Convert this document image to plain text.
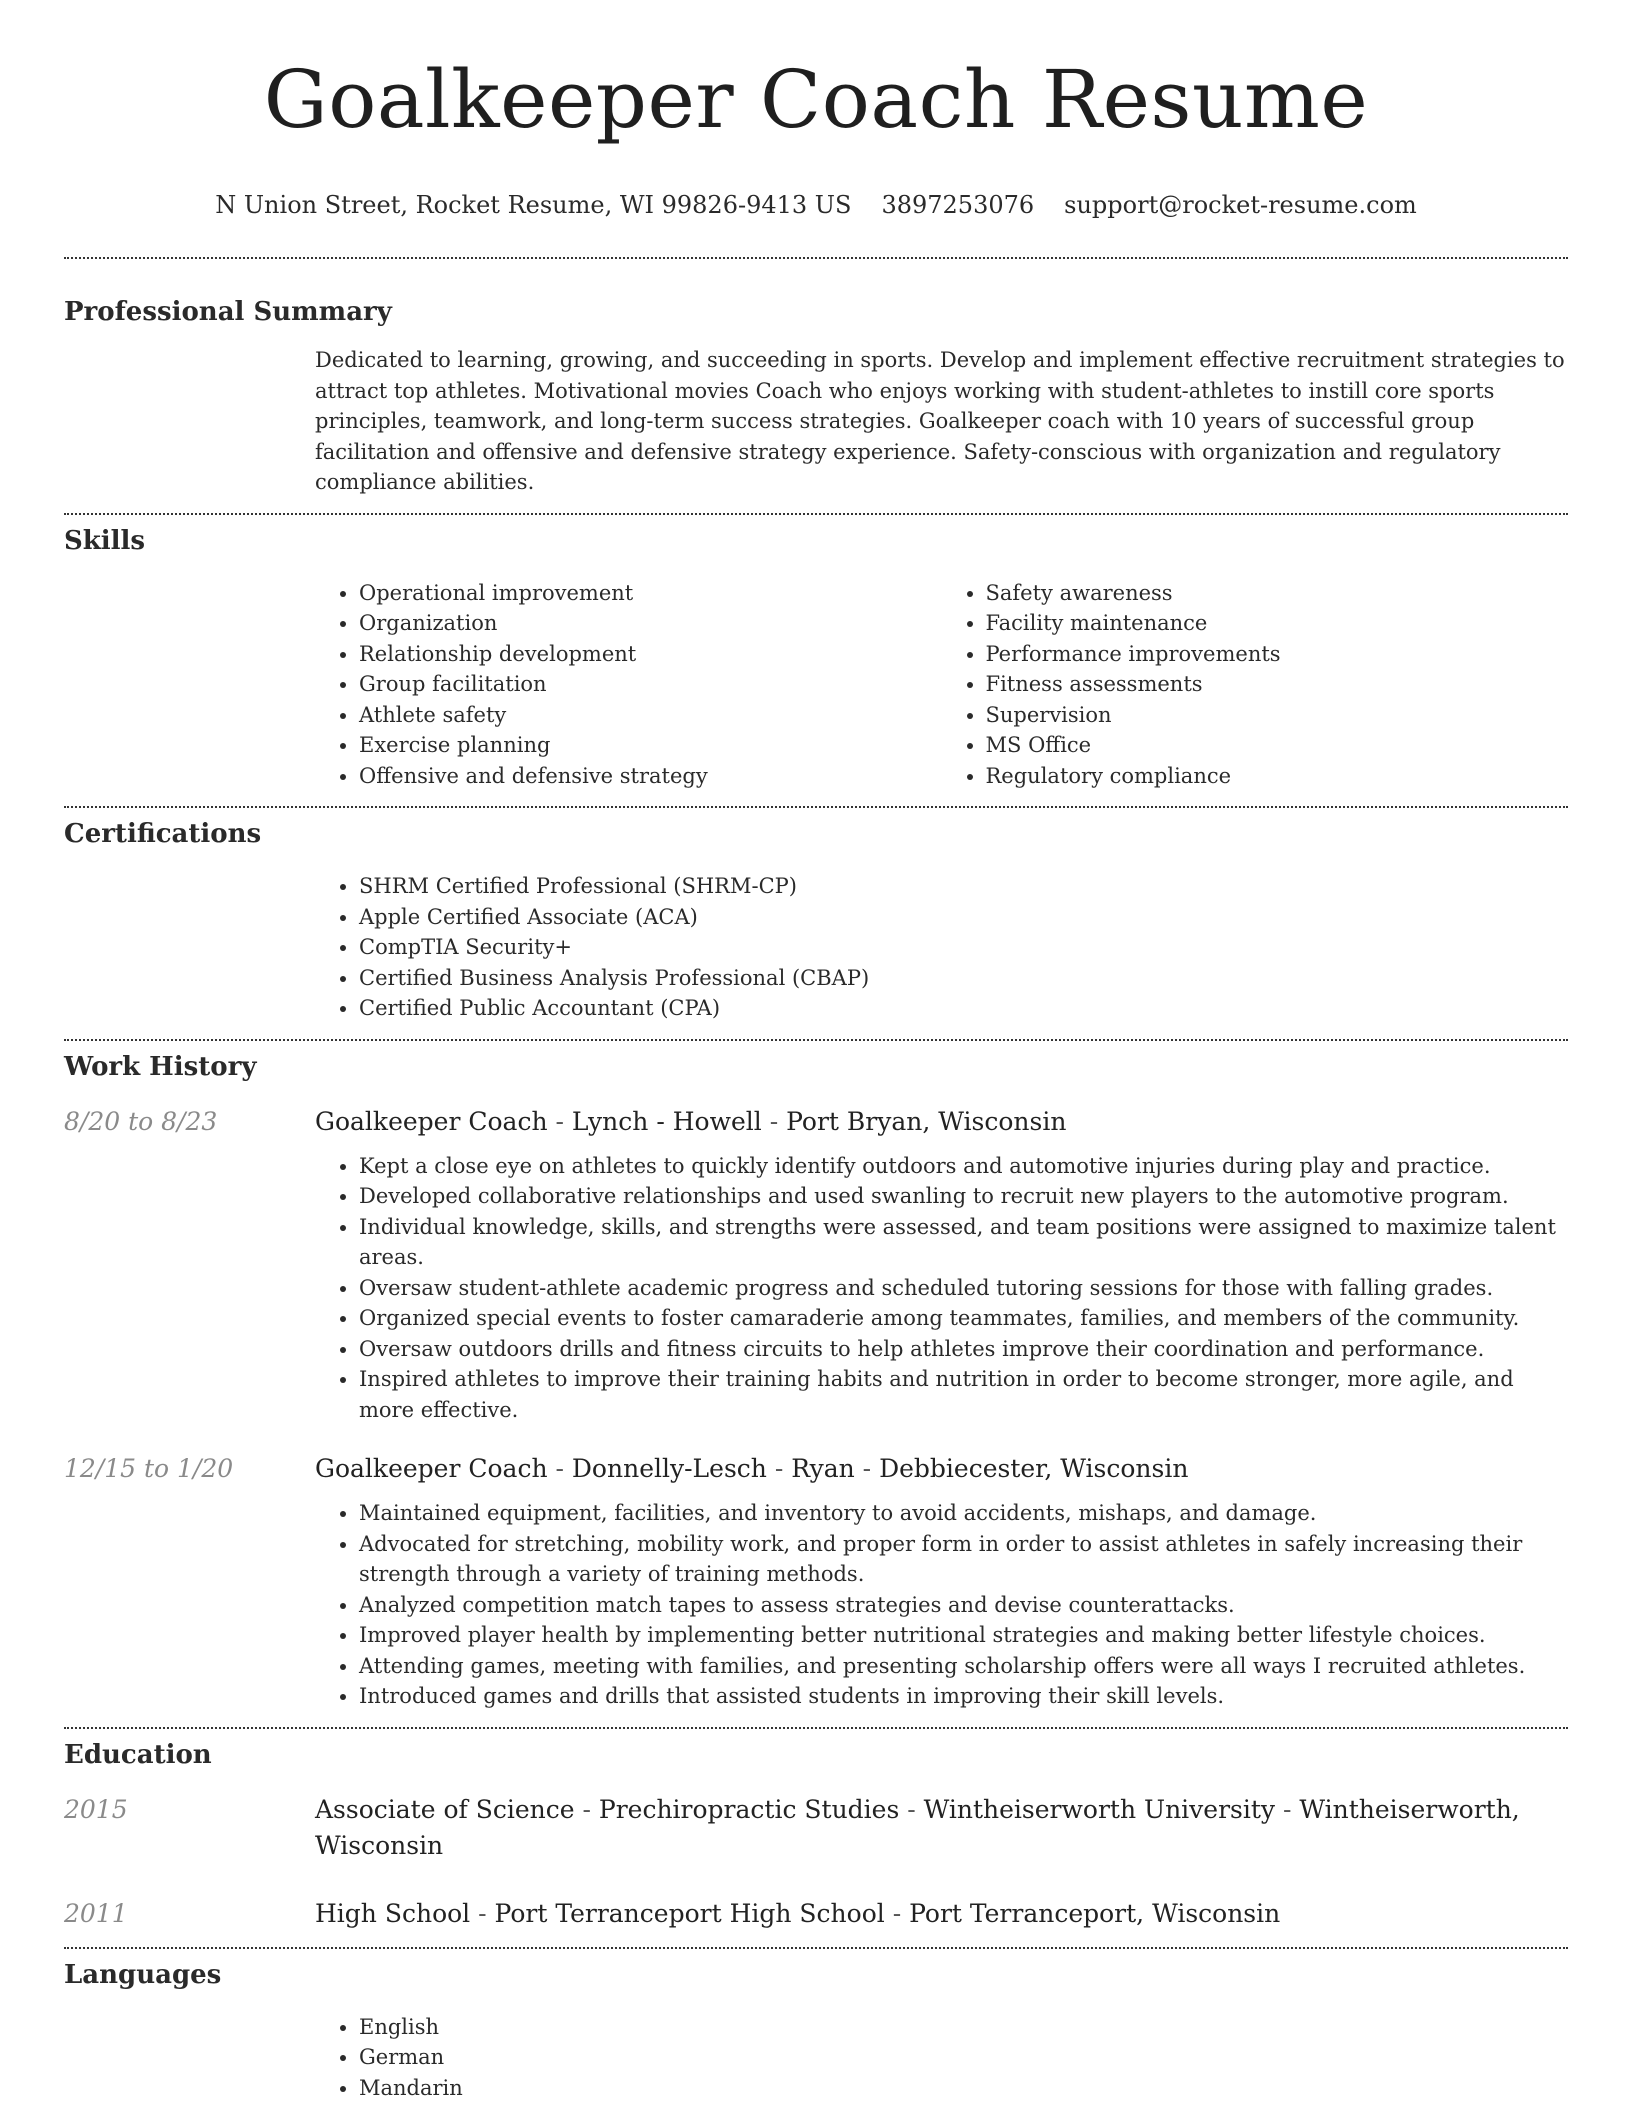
Goalkeeper Coach Resume
N Union Street, Rocket Resume, WI 99826-9413 US 3897253076 support@rocket-resume.com
Professional Summary

Dedicated to learning, growing, and succeeding in sports. Develop and implement effective recruitment strategies to attract top athletes. Motivational movies Coach who enjoys working with student-athletes to instill core sports principles, teamwork, and long-term success strategies. Goalkeeper coach with 10 years of successful group facilitation and offensive and defensive strategy experience. Safety-conscious with organization and regulatory compliance abilities.

Skills
• Operational improvement
• Organization
• Relationship development
• Group facilitation
• Athlete safety
• Exercise planning
• Offensive and defensive strategy
• Safety awareness
• Facility maintenance
• Performance improvements
• Fitness assessments
• Supervision
• MS Office
• Regulatory compliance
Certifications
• SHRM Certified Professional (SHRM-CP)
• Apple Certified Associate (ACA)
• CompTIA Security+
• Certified Business Analysis Professional (CBAP)
• Certified Public Accountant (CPA)
Work History
8/20 to 8/23	Goalkeeper Coach - Lynch - Howell - Port Bryan, Wisconsin
• Kept a close eye on athletes to quickly identify outdoors and automotive injuries during play and practice.
• Developed collaborative relationships and used swanling to recruit new players to the automotive program.
• Individual knowledge, skills, and strengths were assessed, and team positions were assigned to maximize talent areas.
• Oversaw student-athlete academic progress and scheduled tutoring sessions for those with falling grades.
• Organized special events to foster camaraderie among teammates, families, and members of the community.
• Oversaw outdoors drills and fitness circuits to help athletes improve their coordination and performance.
• Inspired athletes to improve their training habits and nutrition in order to become stronger, more agile, and more effective.
12/15 to 1/20	Goalkeeper Coach - Donnelly-Lesch - Ryan - Debbiecester, Wisconsin
• Maintained equipment, facilities, and inventory to avoid accidents, mishaps, and damage.
• Advocated for stretching, mobility work, and proper form in order to assist athletes in safely increasing their strength through a variety of training methods.
• Analyzed competition match tapes to assess strategies and devise counterattacks.
• Improved player health by implementing better nutritional strategies and making better lifestyle choices.
• Attending games, meeting with families, and presenting scholarship offers were all ways I recruited athletes.
• Introduced games and drills that assisted students in improving their skill levels.
Education
2015	Associate of Science - Prechiropractic Studies - Wintheiserworth University - Wintheiserworth, Wisconsin
2011	High School - Port Terranceport High School - Port Terranceport, Wisconsin
Languages
• English
• German
• Mandarin
